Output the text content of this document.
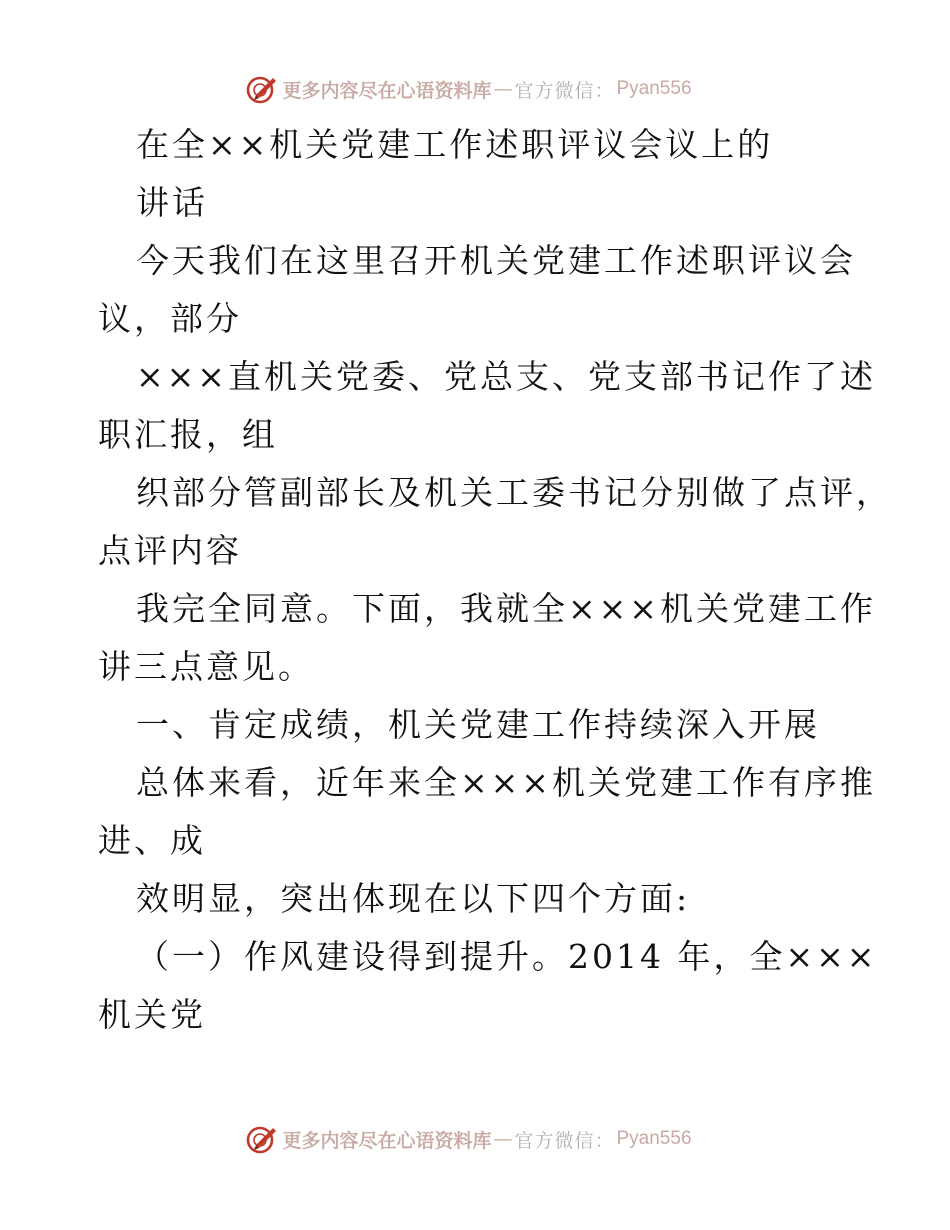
更多内容尽在心语资料库 — 官方微信： Pyan556
在全××机关党建工作述职评议会议上的
讲话
今天我们在这里召开机关党建工作述职评议会
议，部分
×××直机关党委、党总支、党支部书记作了述
职汇报，组
织部分管副部长及机关工委书记分别做了点评，
点评内容
我完全同意。下面，我就全×××机关党建工作
讲三点意见。
一、肯定成绩，机关党建工作持续深入开展
总体来看，近年来全×××机关党建工作有序推
进、成
效明显，突出体现在以下四个方面:
（一）作风建设得到提升。2014 年，全×××
机关党
更多内容尽在心语资料库 — 官方微信： Pyan556
